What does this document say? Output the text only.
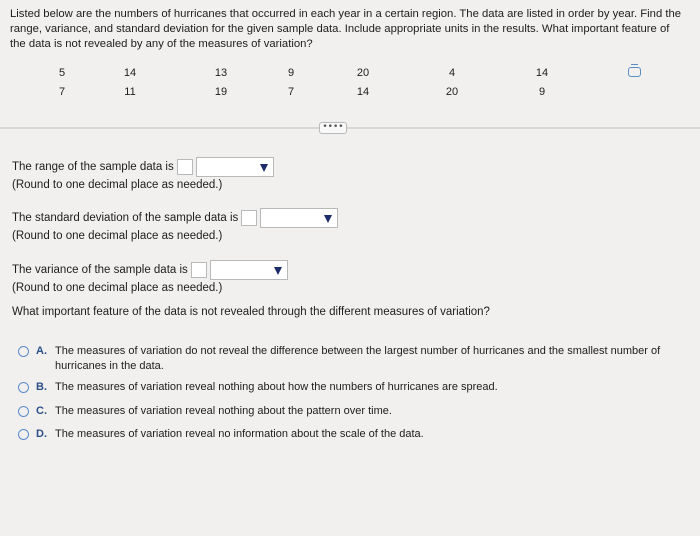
Listed below are the numbers of hurricanes that occurred in each year in a certain region. The data are listed in order by year. Find the range, variance, and standard deviation for the given sample data. Include appropriate units in the results. What important feature of the data is not revealed by any of the measures of variation?
5
7
14
11
13
19
9
7
20
14
4
20
14
9
••••
The range of the sample data is
(Round to one decimal place as needed.)
The standard deviation of the sample data is
(Round to one decimal place as needed.)
The variance of the sample data is
(Round to one decimal place as needed.)
What important feature of the data is not revealed through the different measures of variation?
A. The measures of variation do not reveal the difference between the largest number of hurricanes and the smallest number of hurricanes in the data.
B. The measures of variation reveal nothing about how the numbers of hurricanes are spread.
C. The measures of variation reveal nothing about the pattern over time.
D. The measures of variation reveal no information about the scale of the data.
